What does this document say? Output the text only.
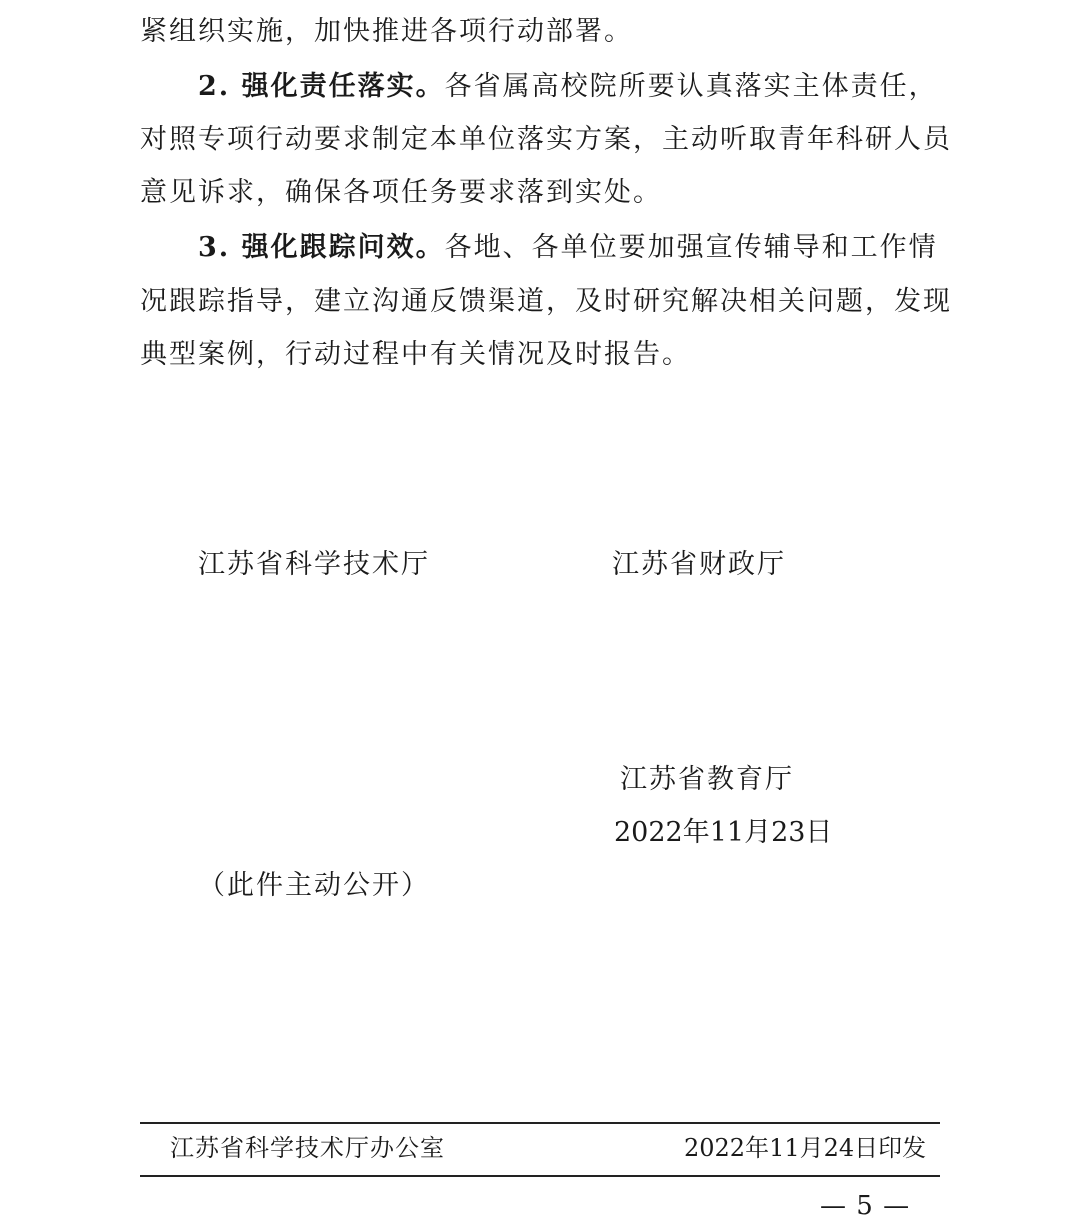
紧组织实施，加快推进各项行动部署。
2. 强化责任落实。各省属高校院所要认真落实主体责任，
对照专项行动要求制定本单位落实方案，主动听取青年科研人员
意见诉求，确保各项任务要求落到实处。
3. 强化跟踪问效。各地、各单位要加强宣传辅导和工作情
况跟踪指导，建立沟通反馈渠道，及时研究解决相关问题，发现
典型案例，行动过程中有关情况及时报告。
江苏省科学技术厅	江苏省财政厅
江苏省教育厅
2022年11月23日
（此件主动公开）
江苏省科学技术厅办公室	2022年11月24日印发
— 5 —
